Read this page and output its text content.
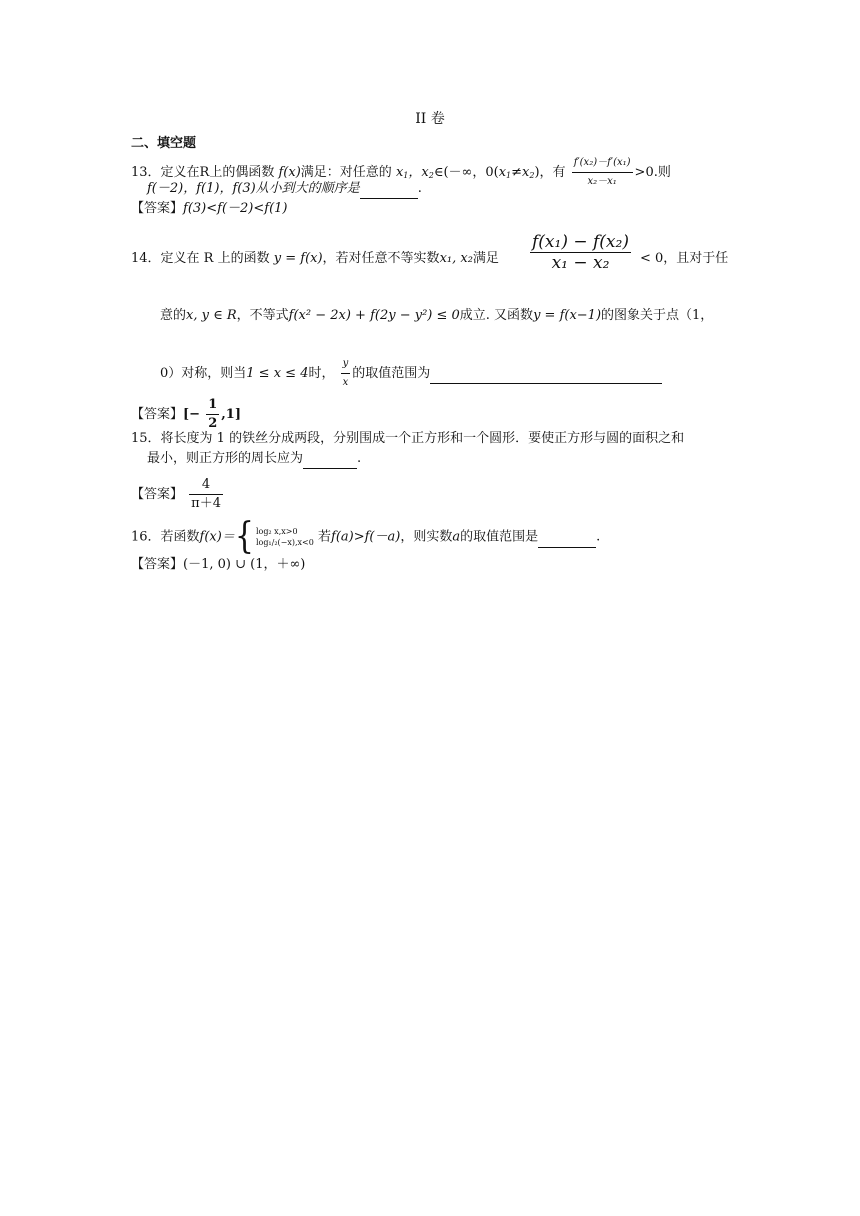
II 卷
二、填空题
13．定义在R上的偶函数 f(x)满足：对任意的 $x_1$，$x_2\in(-\infty$，$0(x_1\ne x_2)$，有 $\frac{\text{f′(x₂)－f′(x₁)}}{\text{x₂－x₁}} >0$.则
f(－2)，f(1)，f(3)从小到大的顺序是	.
【答案】f(3)<f(－2)<f(1)
14．定义在 R 上的函数 y = f(x)，若对任意不等实数x₁, x₂满足 $\frac{\text{f(x₁) − f(x₂)}}{\text{x₁ − x₂}} < 0$，且对于任
意的x, y ∈ R，不等式f(x² − 2x) + f(2y − y²) ≤ 0成立. 又函数y = f(x−1)的图象关于点（1，
0）对称，则当1 ≤ x ≤ 4时， $\frac{y}{x}$ 的取值范围为
【答案】[− $\frac{1}{2} ,1$]
15．将长度为 1 的铁丝分成两段，分别围成一个正方形和一个圆形．要使正方形与圆的面积之和
最小，则正方形的周长应为	.
【答案】 $\frac{4}{\pi+4}$
16．若函数f(x)＝{ log₂ x,x>0
log₁/₂(−x),x<0 若f(a)>f(－a)，则实数a的取值范围是	.
【答案】(－1, 0) ∪ (1，＋∞)
